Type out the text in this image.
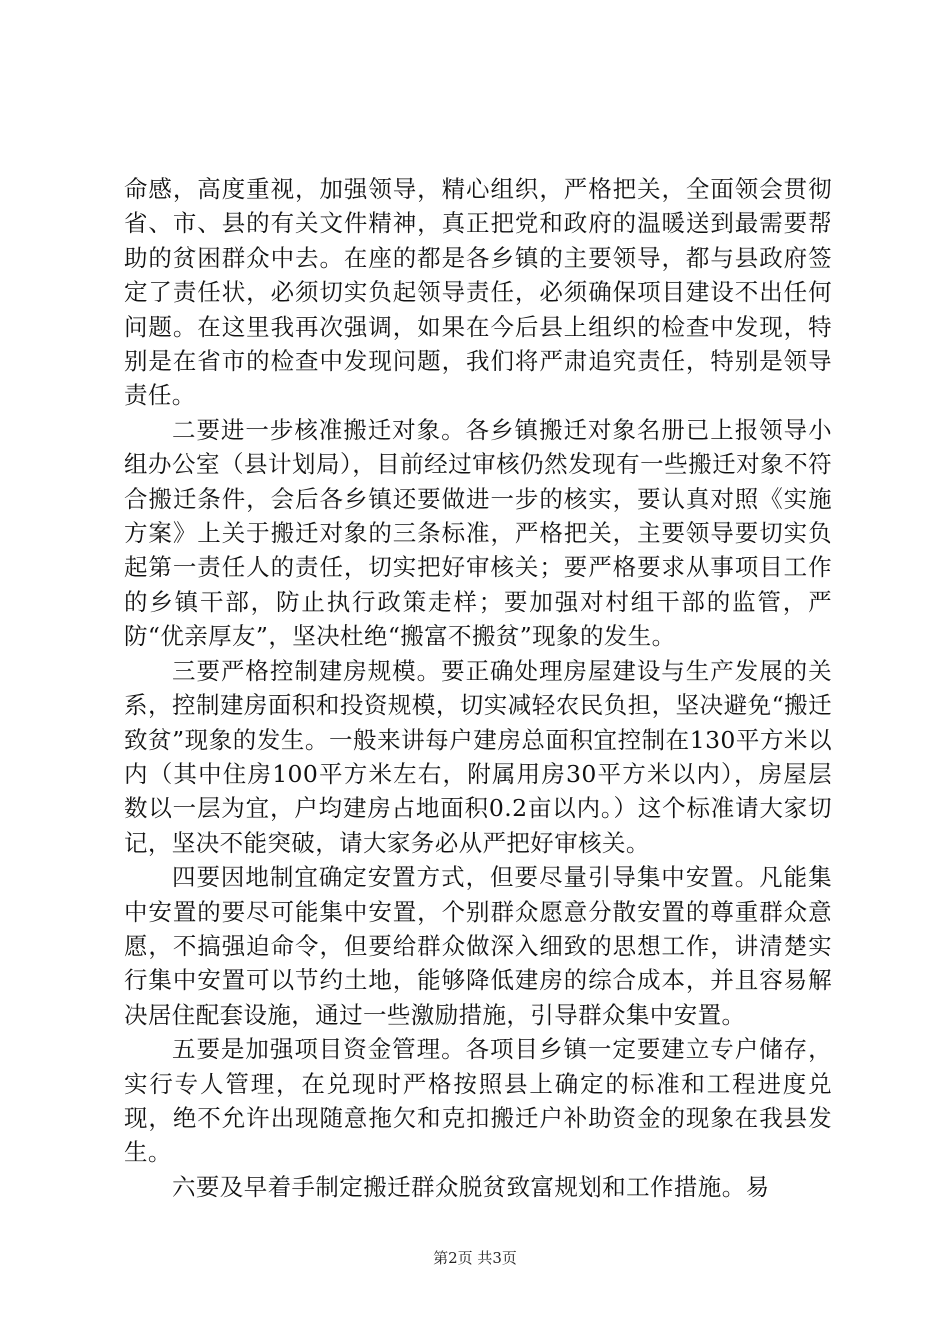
命感，高度重视，加强领导，精心组织，严格把关，全面领会贯彻省、市、县的有关文件精神，真正把党和政府的温暖送到最需要帮助的贫困群众中去。在座的都是各乡镇的主要领导，都与县政府签定了责任状，必须切实负起领导责任，必须确保项目建设不出任何问题。在这里我再次强调，如果在今后县上组织的检查中发现，特别是在省市的检查中发现问题，我们将严肃追究责任，特别是领导责任。

二要进一步核准搬迁对象。各乡镇搬迁对象名册已上报领导小组办公室（县计划局），目前经过审核仍然发现有一些搬迁对象不符合搬迁条件，会后各乡镇还要做进一步的核实，要认真对照《实施方案》上关于搬迁对象的三条标准，严格把关，主要领导要切实负起第一责任人的责任，切实把好审核关；要严格要求从事项目工作的乡镇干部，防止执行政策走样；要加强对村组干部的监管，严防“优亲厚友”，坚决杜绝“搬富不搬贫”现象的发生。

三要严格控制建房规模。要正确处理房屋建设与生产发展的关系，控制建房面积和投资规模，切实减轻农民负担，坚决避免“搬迁致贫”现象的发生。一般来讲每户建房总面积宜控制在130平方米以内（其中住房100平方米左右，附属用房30平方米以内），房屋层数以一层为宜，户均建房占地面积0.2亩以内。）这个标准请大家切记，坚决不能突破，请大家务必从严把好审核关。

四要因地制宜确定安置方式，但要尽量引导集中安置。凡能集中安置的要尽可能集中安置，个别群众愿意分散安置的尊重群众意愿，不搞强迫命令，但要给群众做深入细致的思想工作，讲清楚实行集中安置可以节约土地，能够降低建房的综合成本，并且容易解决居住配套设施，通过一些激励措施，引导群众集中安置。

五要是加强项目资金管理。各项目乡镇一定要建立专户储存，实行专人管理，在兑现时严格按照县上确定的标准和工程进度兑现，绝不允许出现随意拖欠和克扣搬迁户补助资金的现象在我县发生。

六要及早着手制定搬迁群众脱贫致富规划和工作措施。易

第2页 共3页
